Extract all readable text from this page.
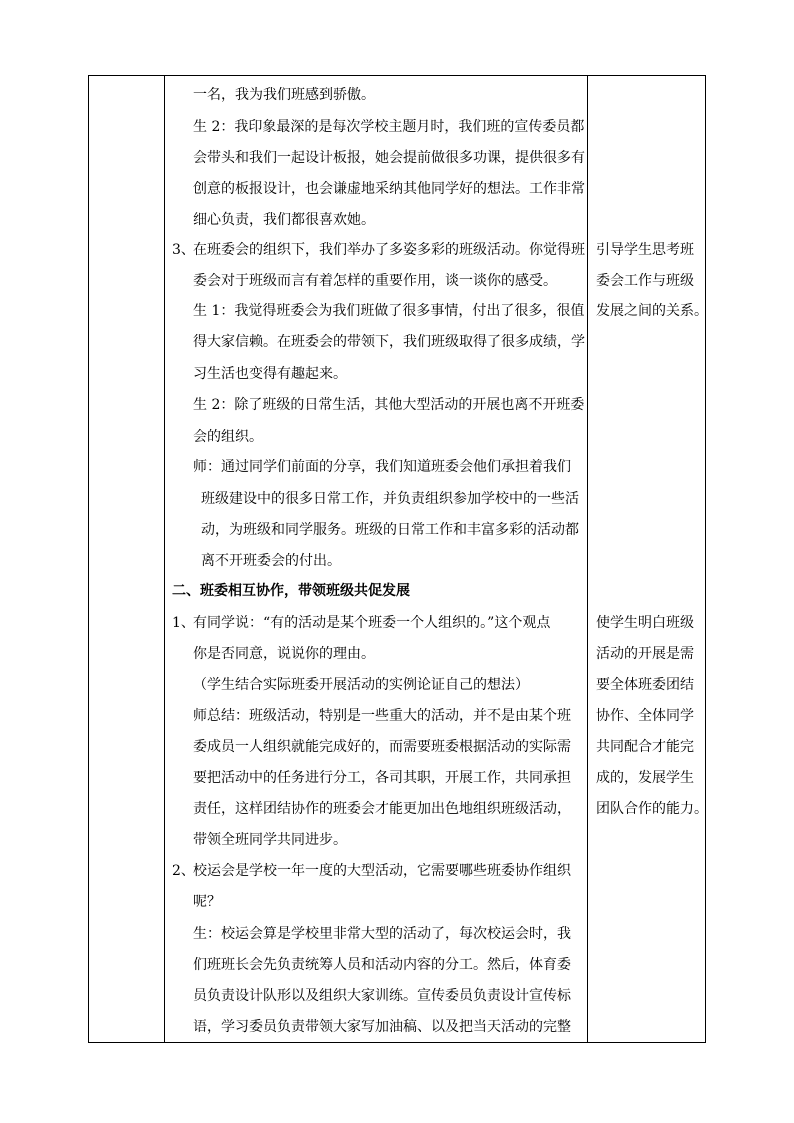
一名，我为我们班感到骄傲。
生 2：我印象最深的是每次学校主题月时，我们班的宣传委员都
会带头和我们一起设计板报，她会提前做很多功课，提供很多有
创意的板报设计，也会谦虚地采纳其他同学好的想法。工作非常
细心负责，我们都很喜欢她。
3、
在班委会的组织下，我们举办了多姿多彩的班级活动。你觉得班
委会对于班级而言有着怎样的重要作用，谈一谈你的感受。
生 1：我觉得班委会为我们班做了很多事情，付出了很多，很值
得大家信赖。在班委会的带领下，我们班级取得了很多成绩，学
习生活也变得有趣起来。
生 2：除了班级的日常生活，其他大型活动的开展也离不开班委
会的组织。
师：通过同学们前面的分享，我们知道班委会他们承担着我们
班级建设中的很多日常工作，并负责组织参加学校中的一些活
动，为班级和同学服务。班级的日常工作和丰富多彩的活动都
离不开班委会的付出。
二、班委相互协作，带领班级共促发展
1、
有同学说：“有的活动是某个班委一个人组织的。”这个观点
你是否同意，说说你的理由。
（学生结合实际班委开展活动的实例论证自己的想法）
师总结：班级活动，特别是一些重大的活动，并不是由某个班
委成员一人组织就能完成好的，而需要班委根据活动的实际需
要把活动中的任务进行分工，各司其职，开展工作，共同承担
责任，这样团结协作的班委会才能更加出色地组织班级活动，
带领全班同学共同进步。
2、
校运会是学校一年一度的大型活动，它需要哪些班委协作组织
呢？
生：校运会算是学校里非常大型的活动了，每次校运会时，我
们班班长会先负责统筹人员和活动内容的分工。然后，体育委
员负责设计队形以及组织大家训练。宣传委员负责设计宣传标
语，学习委员负责带领大家写加油稿、以及把当天活动的完整
引导学生思考班
委会工作与班级
发展之间的关系。
使学生明白班级
活动的开展是需
要全体班委团结
协作、全体同学
共同配合才能完
成的，发展学生
团队合作的能力。
